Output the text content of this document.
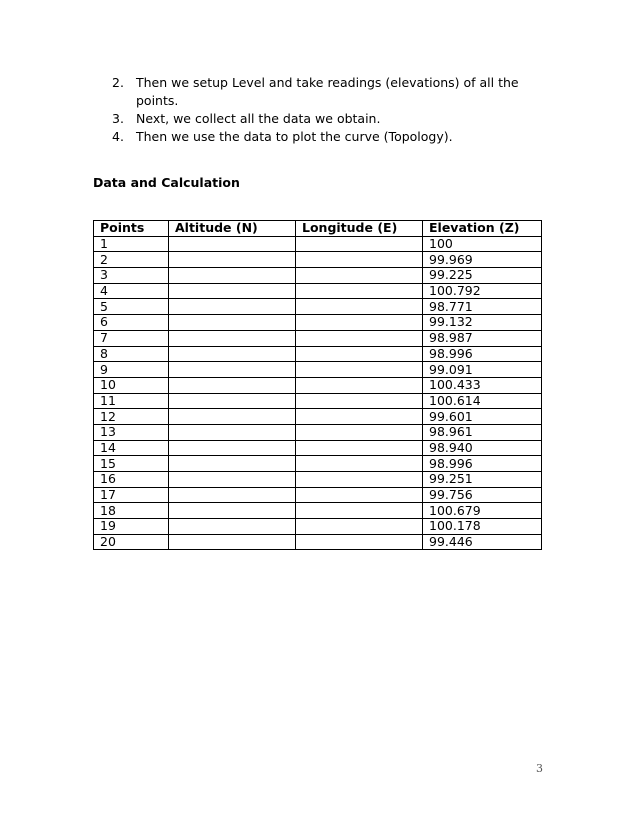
2. Then we setup Level and take readings (elevations) of all the points.
3. Next, we collect all the data we obtain.
4. Then we use the data to plot the curve (Topology).
Data and Calculation
Points	Altitude (N)	Longitude (E)	Elevation (Z)
1			100
2			99.969
3			99.225
4			100.792
5			98.771
6			99.132
7			98.987
8			98.996
9			99.091
10			100.433
11			100.614
12			99.601
13			98.961
14			98.940
15			98.996
16			99.251
17			99.756
18			100.679
19			100.178
20			99.446
3
